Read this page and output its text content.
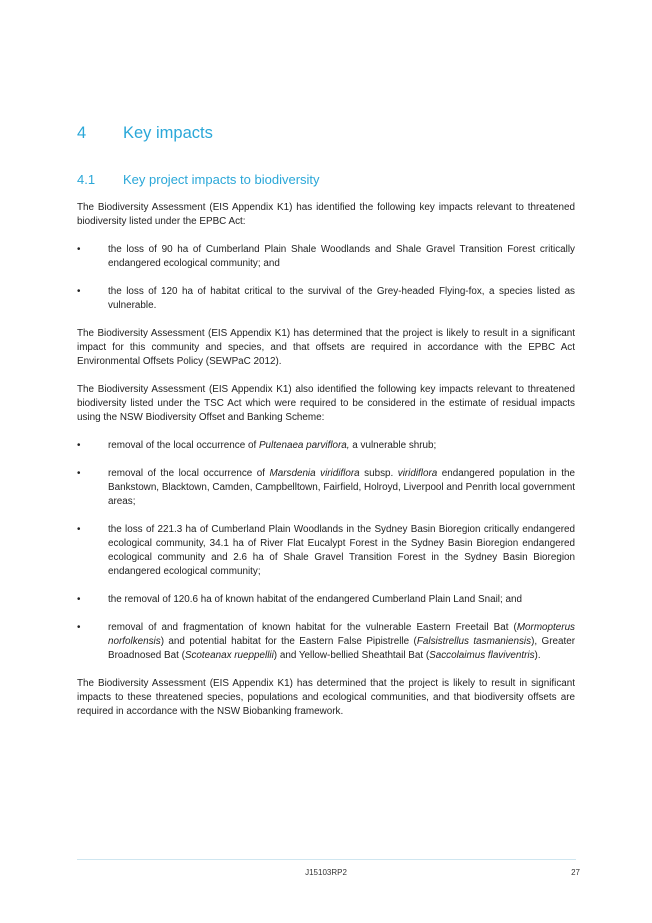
4 Key impacts
4.1 Key project impacts to biodiversity

The Biodiversity Assessment (EIS Appendix K1) has identified the following key impacts relevant to threatened biodiversity listed under the EPBC Act:

•	the loss of 90 ha of Cumberland Plain Shale Woodlands and Shale Gravel Transition Forest critically endangered ecological community; and
•	the loss of 120 ha of habitat critical to the survival of the Grey-headed Flying-fox, a species listed as vulnerable.

The Biodiversity Assessment (EIS Appendix K1) has determined that the project is likely to result in a significant impact for this community and species, and that offsets are required in accordance with the EPBC Act Environmental Offsets Policy (SEWPaC 2012).

The Biodiversity Assessment (EIS Appendix K1) also identified the following key impacts relevant to threatened biodiversity listed under the TSC Act which were required to be considered in the estimate of residual impacts using the NSW Biodiversity Offset and Banking Scheme:

•	removal of the local occurrence of Pultenaea parviflora, a vulnerable shrub;
•	removal of the local occurrence of Marsdenia viridiflora subsp. viridiflora endangered population in the Bankstown, Blacktown, Camden, Campbelltown, Fairfield, Holroyd, Liverpool and Penrith local government areas;
•	the loss of 221.3 ha of Cumberland Plain Woodlands in the Sydney Basin Bioregion critically endangered ecological community, 34.1 ha of River Flat Eucalypt Forest in the Sydney Basin Bioregion endangered ecological community and 2.6 ha of Shale Gravel Transition Forest in the Sydney Basin Bioregion endangered ecological community;
•	the removal of 120.6 ha of known habitat of the endangered Cumberland Plain Land Snail; and
•	removal of and fragmentation of known habitat for the vulnerable Eastern Freetail Bat (Mormopterus norfolkensis) and potential habitat for the Eastern False Pipistrelle (Falsistrellus tasmaniensis), Greater Broadnosed Bat (Scoteanax rueppellii) and Yellow-bellied Sheathtail Bat (Saccolaimus flaviventris).

The Biodiversity Assessment (EIS Appendix K1) has determined that the project is likely to result in significant impacts to these threatened species, populations and ecological communities, and that biodiversity offsets are required in accordance with the NSW Biobanking framework.

J15103RP2	27
